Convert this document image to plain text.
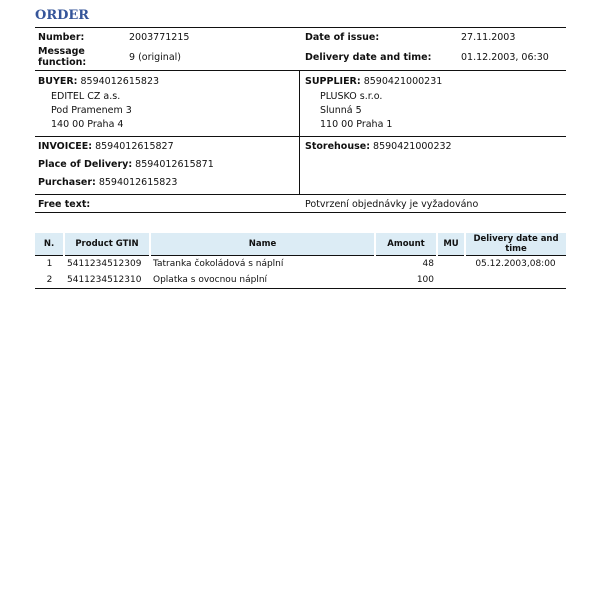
ORDER
Number:	2003771215
Message function:	9 (original)
Date of issue:	27.11.2003
Delivery date and time:	01.12.2003, 06:30
BUYER: 8594012615823
EDITEL CZ a.s.
Pod Pramenem 3
140 00 Praha 4
SUPPLIER: 8590421000231
PLUSKO s.r.o.
Slunná 5
110 00 Praha 1
INVOICEE: 8594012615827
Place of Delivery: 8594012615871
Purchaser: 8594012615823
Storehouse: 8590421000232
Free text:	Potvrzení objednávky je vyžadováno
N.	Product GTIN	Name	Amount	MU	Delivery date and time
1	5411234512309	Tatranka čokoládová s náplní	48		05.12.2003,08:00
2	5411234512310	Oplatka s ovocnou náplní	100		
